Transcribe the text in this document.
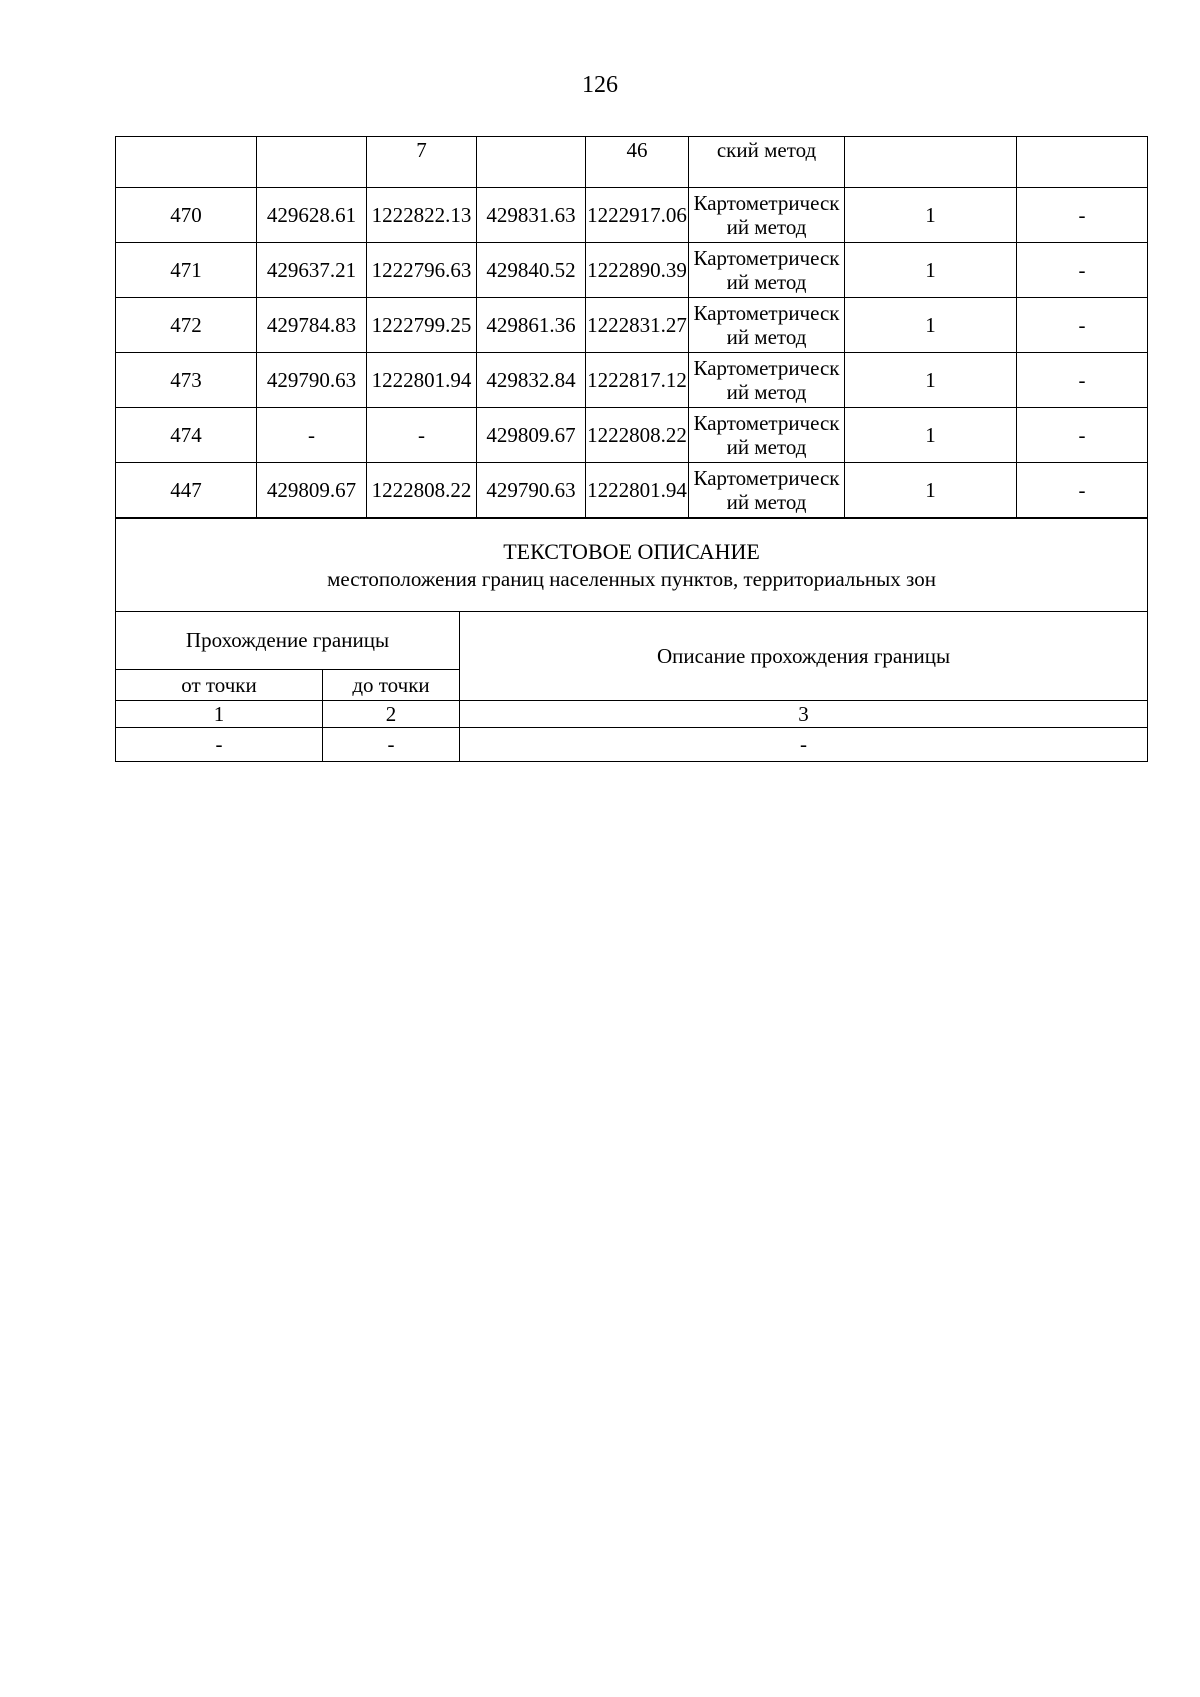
126
		7		46	ский метод		
470	429628.61	1222822.13	429831.63	1222917.06	Картометрический метод	1	-
471	429637.21	1222796.63	429840.52	1222890.39	Картометрический метод	1	-
472	429784.83	1222799.25	429861.36	1222831.27	Картометрический метод	1	-
473	429790.63	1222801.94	429832.84	1222817.12	Картометрический метод	1	-
474	-	-	429809.67	1222808.22	Картометрический метод	1	-
447	429809.67	1222808.22	429790.63	1222801.94	Картометрический метод	1	-
ТЕКСТОВОЕ ОПИСАНИЕ
местоположения границ населенных пунктов, территориальных зон		

Прохождение границы		Описание прохождения границы
от точки	до точки	
1	2	3
-	-	-
